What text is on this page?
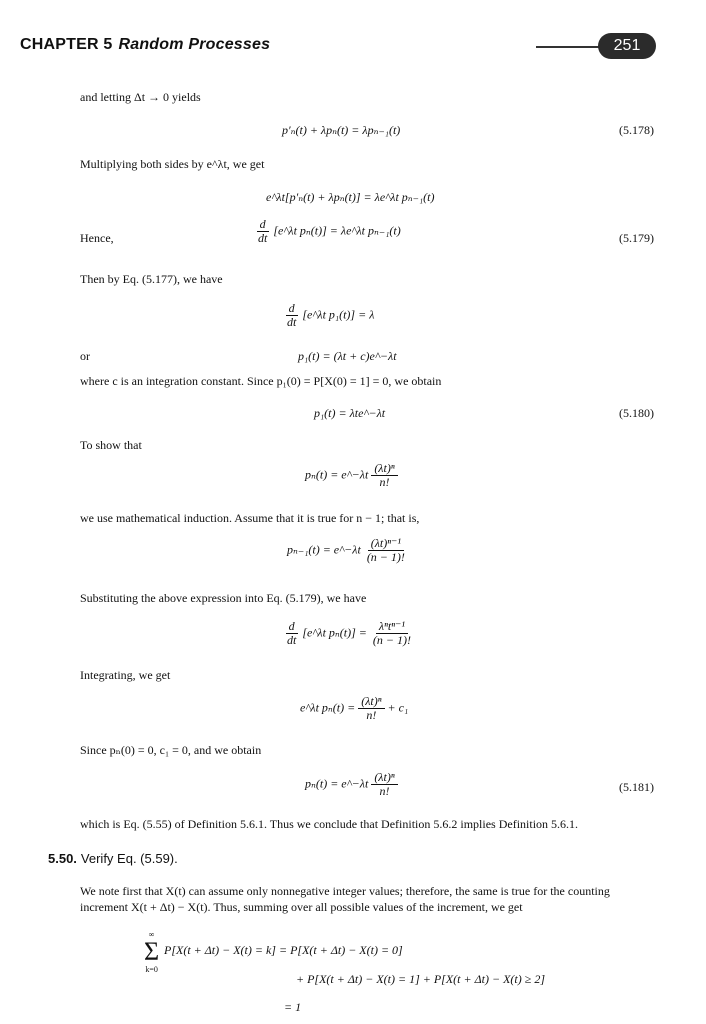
CHAPTER 5 Random Processes	251
and letting Δt → 0 yields
p′ₙ(t) + λpₙ(t) = λpₙ₋₁(t)	(5.178)
Multiplying both sides by e^λt, we get
e^λt[p′ₙ(t) + λpₙ(t)] = λe^λt pₙ₋₁(t)
Hence,	$\frac{d}{dt}$ [e^λt pₙ(t)] = λe^λt pₙ₋₁(t)
(5.179)
Then by Eq. (5.177), we have
$\frac{d}{dt}$ [e^λt p₁(t)] = λ
or	p₁(t) = (λt + c)e^−λt
where c is an integration constant. Since p₁(0) = P[X(0) = 1] = 0, we obtain
p₁(t) = λte^−λt	(5.180)
To show that
pₙ(t) = e^−λt $\frac{\text{(λt)ⁿ}}{n!}$
we use mathematical induction. Assume that it is true for n − 1; that is,
pₙ₋₁(t) = e^−λt $\frac{\text{(λt)ⁿ⁻¹}}{(n - 1)!}$
Substituting the above expression into Eq. (5.179), we have
$\frac{d}{dt}$ [e^λt $p_n(t)] = \frac{\text{λⁿtⁿ⁻¹}}{(n - 1)!}$
Integrating, we get
e^λt $p_n(t) = \frac{\text{(λt)ⁿ}}{n!} + c_1$
Since pₙ(0) = 0, c₁ = 0, and we obtain
pₙ(t) = e^−λt $\frac{\text{(λt)ⁿ}}{n!}$	(5.181)
which is Eq. (5.55) of Definition 5.6.1. Thus we conclude that Definition 5.6.2 implies Definition 5.6.1.
5.50. Verify Eq. (5.59).
We note first that X(t) can assume only nonnegative integer values; therefore, the same is true for the counting increment X(t + Δt) − X(t). Thus, summing over all possible values of the increment, we get
∞
Σ
k=0
P[X(t + Δt) − X(t) = k] = P[X(t + Δt) − X(t) = 0]
+ P[X(t + Δt) − X(t) = 1] + P[X(t + Δt) − X(t) ≥ 2]
= 1
